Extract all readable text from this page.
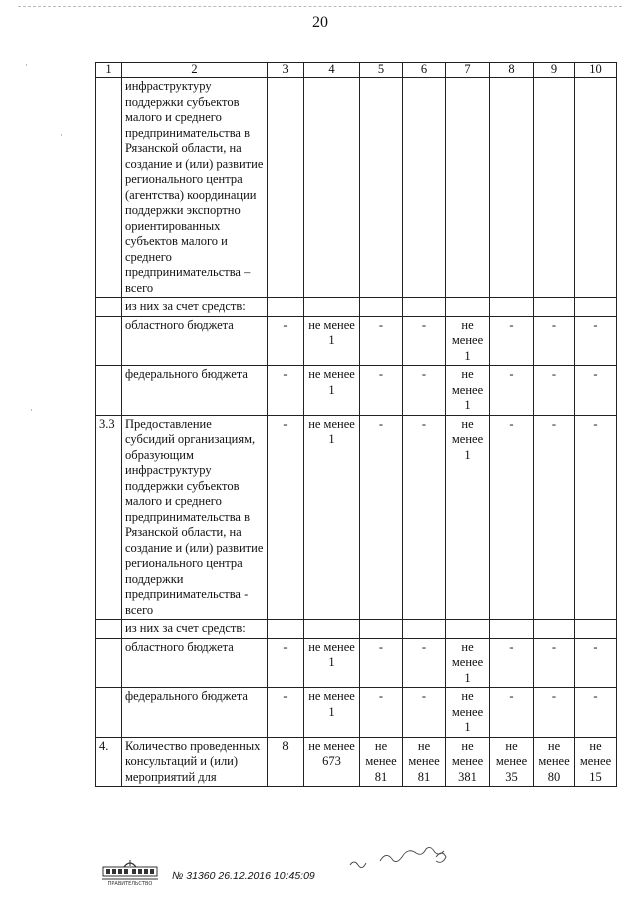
20
1	2	3	4	5	6	7	8	9	10
	инфраструктуру поддержки субъектов малого и среднего предпринимательства в Рязанской области, на создание и (или) развитие регионального центра (агентства) координации поддержки экспортно ориентированных субъектов малого и среднего предпринимательства – всего								
	из них за счет средств:								
	областного бюджета	-	не менее 1	-	-	не менее 1	-	-	-
	федерального бюджета	-	не менее 1	-	-	не менее 1	-	-	-
3.3	Предоставление субсидий организациям, образующим инфраструктуру поддержки субъектов малого и среднего предпринимательства в Рязанской области, на создание и (или) развитие регионального центра поддержки предпринимательства - всего	-	не менее 1	-	-	не менее 1	-	-	-
	из них за счет средств:								
	областного бюджета	-	не менее 1	-	-	не менее 1	-	-	-
	федерального бюджета	-	не менее 1	-	-	не менее 1	-	-	-
4.	Количество проведенных консультаций и (или) мероприятий для	8	не менее 673	не менее 81	не менее 81	не менее 381	не менее 35	не менее 80	не менее 15
ПРАВИТЕЛЬСТВО
№ 31360 26.12.2016 10:45:09
·
·
·
